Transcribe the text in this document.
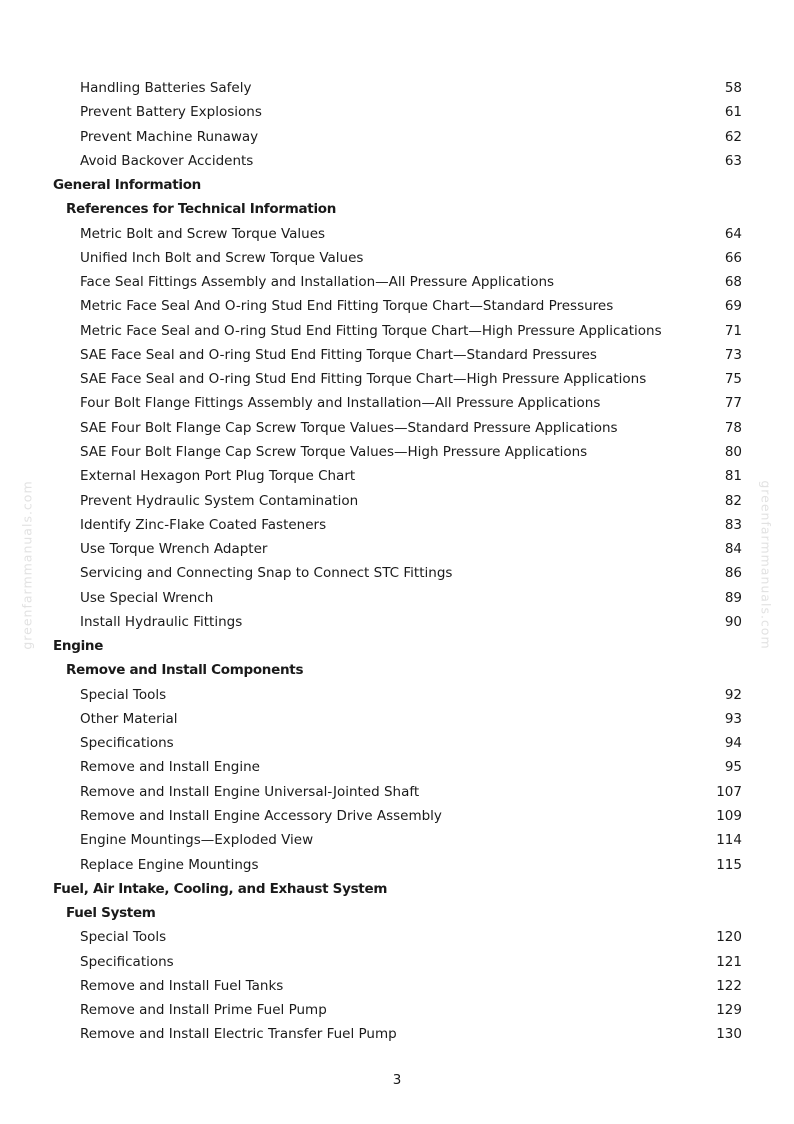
Handling Batteries Safely	58
Prevent Battery Explosions	61
Prevent Machine Runaway	62
Avoid Backover Accidents	63
General Information
References for Technical Information
Metric Bolt and Screw Torque Values	64
Unified Inch Bolt and Screw Torque Values	66
Face Seal Fittings Assembly and Installation—All Pressure Applications	68
Metric Face Seal And O-ring Stud End Fitting Torque Chart—Standard Pressures	69
Metric Face Seal and O-ring Stud End Fitting Torque Chart—High Pressure Applications	71
SAE Face Seal and O-ring Stud End Fitting Torque Chart—Standard Pressures	73
SAE Face Seal and O-ring Stud End Fitting Torque Chart—High Pressure Applications	75
Four Bolt Flange Fittings Assembly and Installation—All Pressure Applications	77
SAE Four Bolt Flange Cap Screw Torque Values—Standard Pressure Applications	78
SAE Four Bolt Flange Cap Screw Torque Values—High Pressure Applications	80
External Hexagon Port Plug Torque Chart	81
Prevent Hydraulic System Contamination	82
Identify Zinc-Flake Coated Fasteners	83
Use Torque Wrench Adapter	84
Servicing and Connecting Snap to Connect STC Fittings	86
Use Special Wrench	89
Install Hydraulic Fittings	90
Engine
Remove and Install Components
Special Tools	92
Other Material	93
Specifications	94
Remove and Install Engine	95
Remove and Install Engine Universal-Jointed Shaft	107
Remove and Install Engine Accessory Drive Assembly	109
Engine Mountings—Exploded View	114
Replace Engine Mountings	115
Fuel, Air Intake, Cooling, and Exhaust System
Fuel System
Special Tools	120
Specifications	121
Remove and Install Fuel Tanks	122
Remove and Install Prime Fuel Pump	129
Remove and Install Electric Transfer Fuel Pump	130
3
greenfarmmanuals.com	greenfarmmanuals.com
